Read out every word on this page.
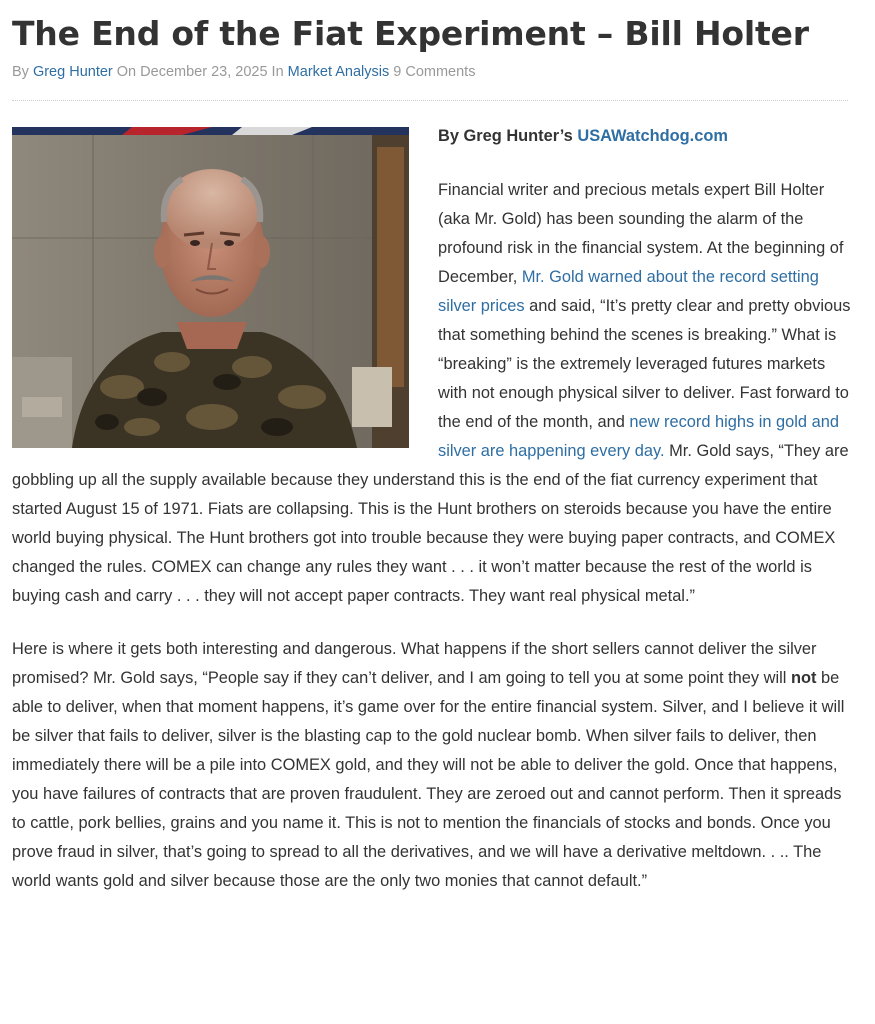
The End of the Fiat Experiment – Bill Holter
By Greg Hunter On December 23, 2025 In Market Analysis 9 Comments

By Greg Hunter’s USAWatchdog.com

Financial writer and precious metals expert Bill Holter (aka Mr. Gold) has been sounding the alarm of the profound risk in the financial system. At the beginning of December, Mr. Gold warned about the record setting silver prices and said, “It’s pretty clear and pretty obvious that something behind the scenes is breaking.” What is “breaking” is the extremely leveraged futures markets with not enough physical silver to deliver. Fast forward to the end of the month, and new record highs in gold and silver are happening every day. Mr. Gold says, “They are gobbling up all the supply available because they understand this is the end of the fiat currency experiment that started August 15 of 1971. Fiats are collapsing. This is the Hunt brothers on steroids because you have the entire world buying physical. The Hunt brothers got into trouble because they were buying paper contracts, and COMEX changed the rules. COMEX can change any rules they want . . . it won’t matter because the rest of the world is buying cash and carry . . . they will not accept paper contracts. They want real physical metal.”

Here is where it gets both interesting and dangerous. What happens if the short sellers cannot deliver the silver promised? Mr. Gold says, “People say if they can’t deliver, and I am going to tell you at some point they will not be able to deliver, when that moment happens, it’s game over for the entire financial system. Silver, and I believe it will be silver that fails to deliver, silver is the blasting cap to the gold nuclear bomb. When silver fails to deliver, then immediately there will be a pile into COMEX gold, and they will not be able to deliver the gold. Once that happens, you have failures of contracts that are proven fraudulent. They are zeroed out and cannot perform. Then it spreads to cattle, pork bellies, grains and you name it. This is not to mention the financials of stocks and bonds. Once you prove fraud in silver, that’s going to spread to all the derivatives, and we will have a derivative meltdown. . .. The world wants gold and silver because those are the only two monies that cannot default.”
